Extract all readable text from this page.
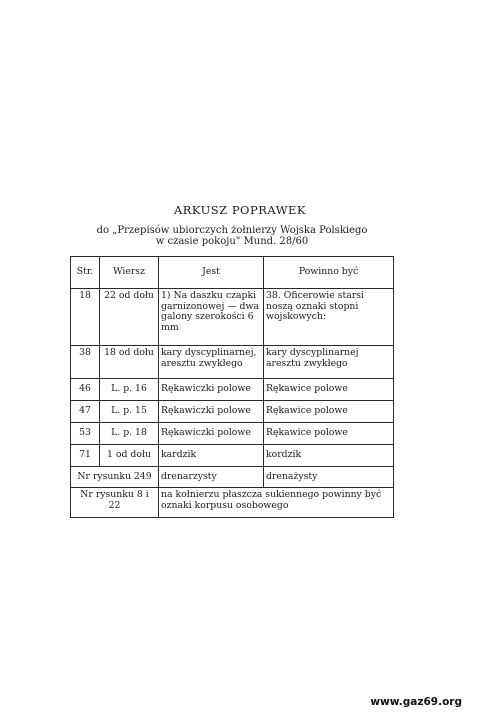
ARKUSZ POPRAWEK
do „Przepisów ubiorczych żołnierzy Wojska Polskiego
w czasie pokoju" Mund. 28/60
Str.	Wiersz	Jest	Powinno być
18	22 od dołu	1) Na daszku czapki garnizonowej — dwa galony szerokości 6 mm	38. Oficerowie starsi noszą oznaki stopni wojskowych:
38	18 od dołu	kary dyscyplinarnej, aresztu zwykłego	kary dyscyplinarnej aresztu zwykłego
46	L. p. 16	Rękawiczki polowe	Rękawice polowe
47	L. p. 15	Rękawiczki polowe	Rękawice polowe
53	L. p. 18	Rękawiczki polowe	Rękawice polowe
71	1 od dołu	kardzik	kordzik
Nr rysunku 249		drenarzysty	drenażysty
Nr rysunku 8 i 22		na kołnierzu płaszcza sukiennego powinny być oznaki korpusu osobowego	
www.gaz69.org
